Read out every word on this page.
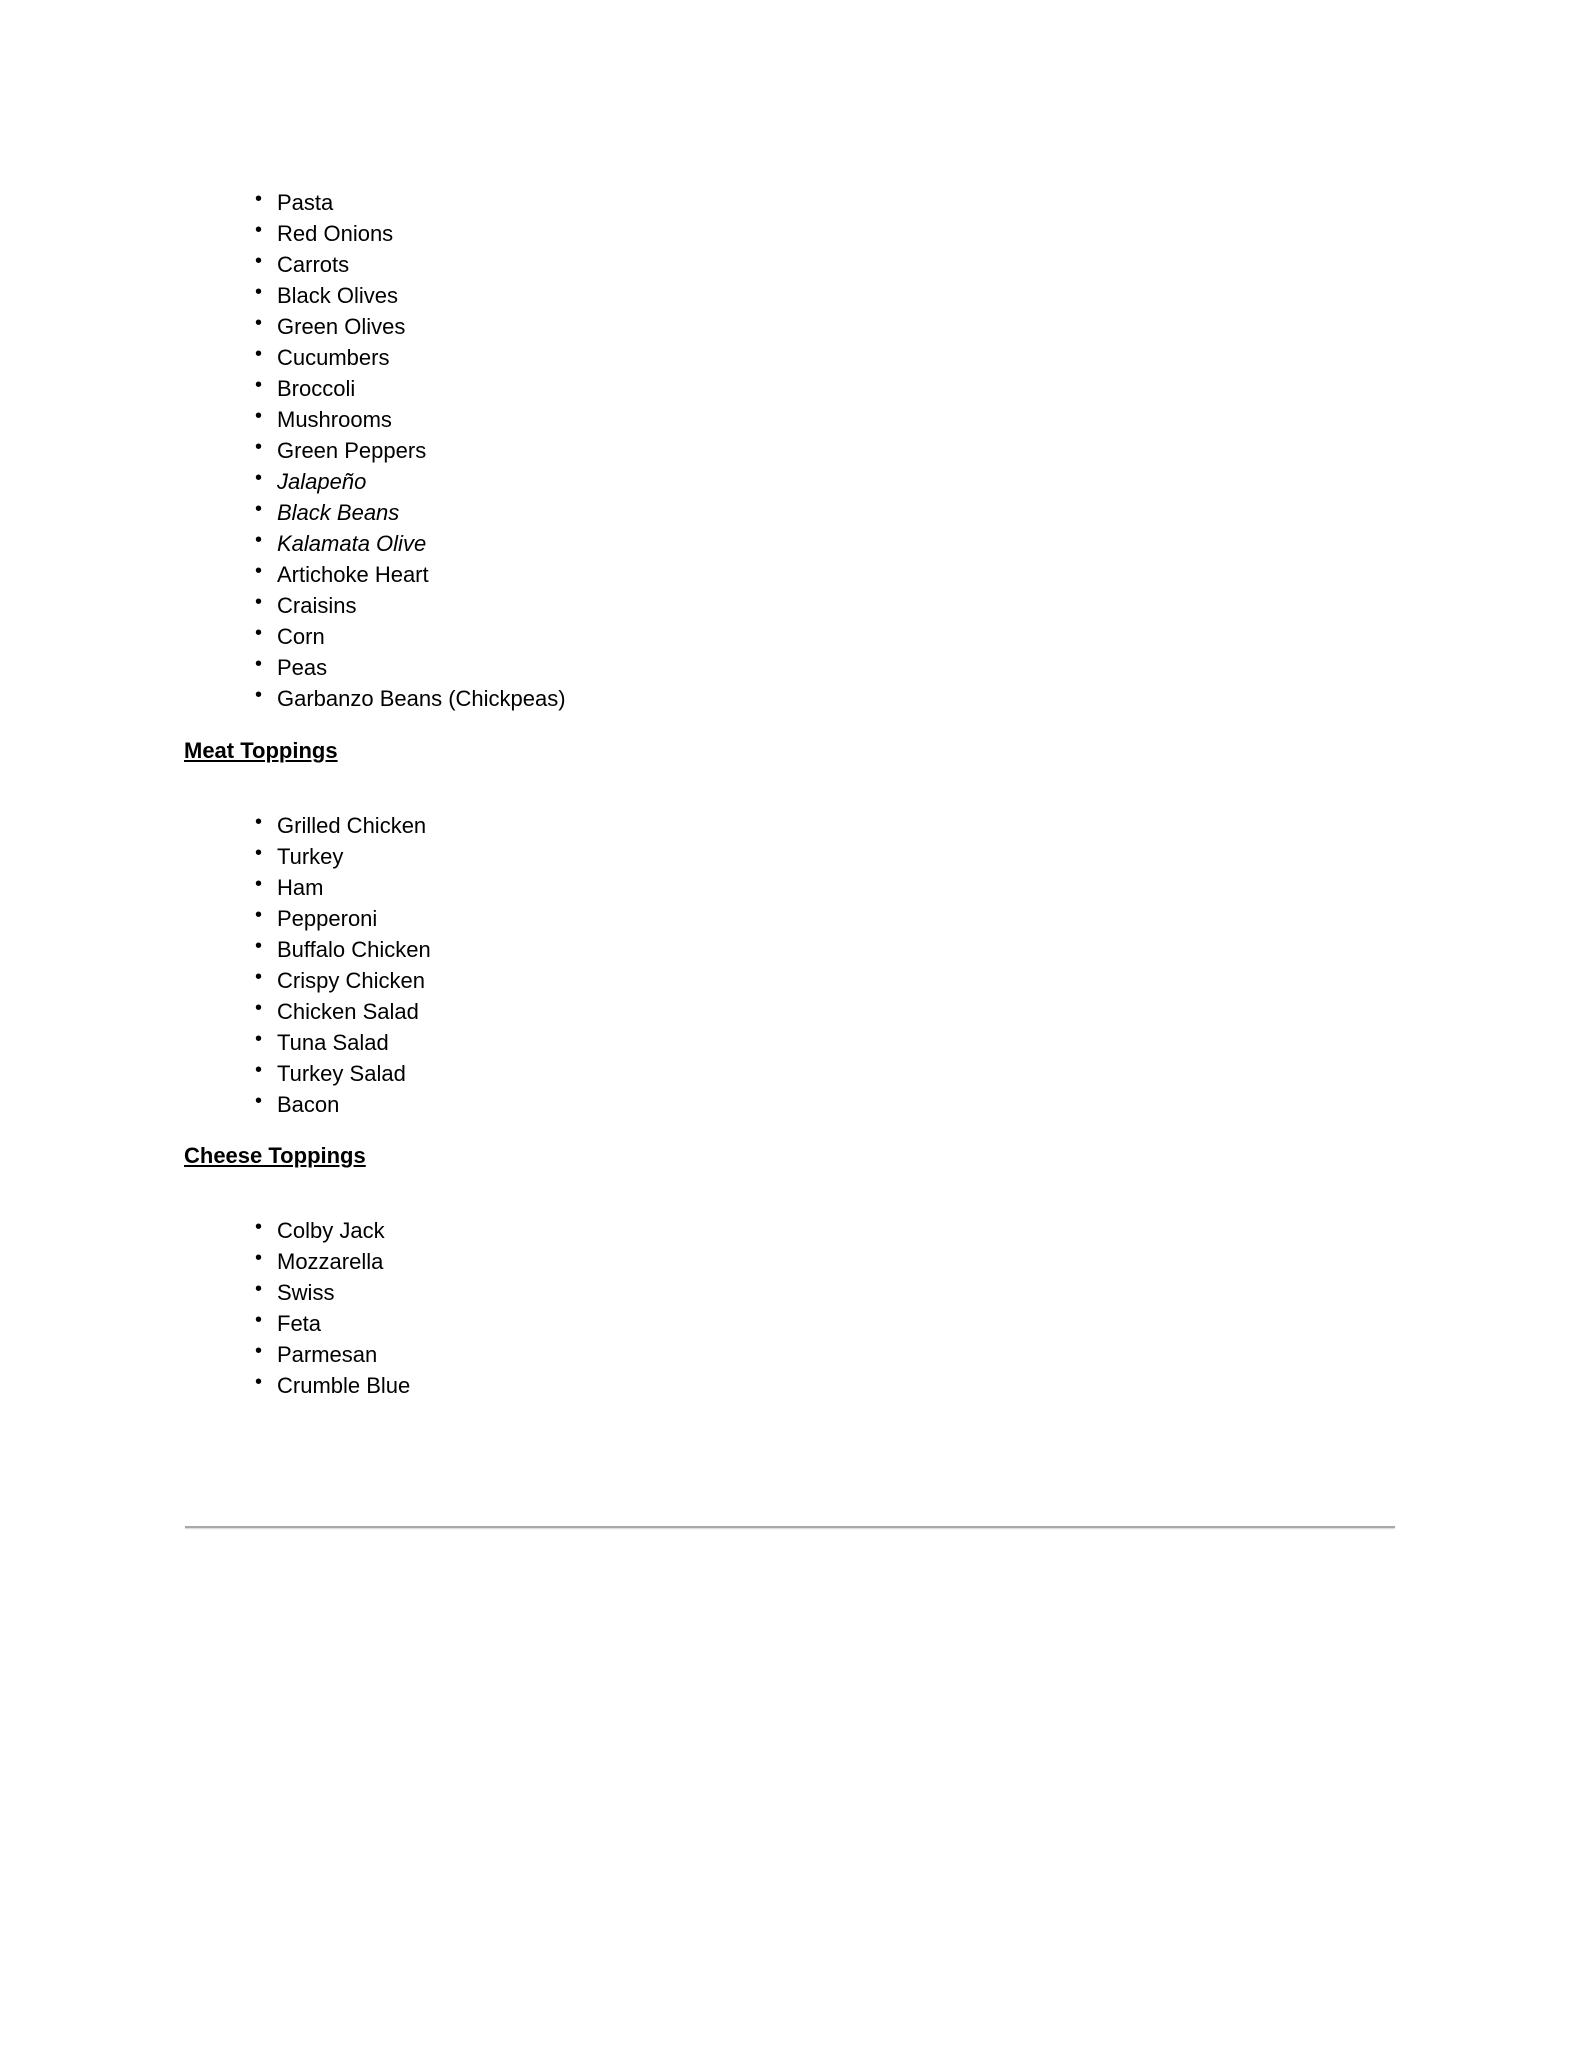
• Pasta
• Red Onions
• Carrots
• Black Olives
• Green Olives
• Cucumbers
• Broccoli
• Mushrooms
• Green Peppers
• Jalapeño
• Black Beans
• Kalamata Olive
• Artichoke Heart
• Craisins
• Corn
• Peas
• Garbanzo Beans (Chickpeas)
Meat Toppings
• Grilled Chicken
• Turkey
• Ham
• Pepperoni
• Buffalo Chicken
• Crispy Chicken
• Chicken Salad
• Tuna Salad
• Turkey Salad
• Bacon
Cheese Toppings
• Colby Jack
• Mozzarella
• Swiss
• Feta
• Parmesan
• Crumble Blue
